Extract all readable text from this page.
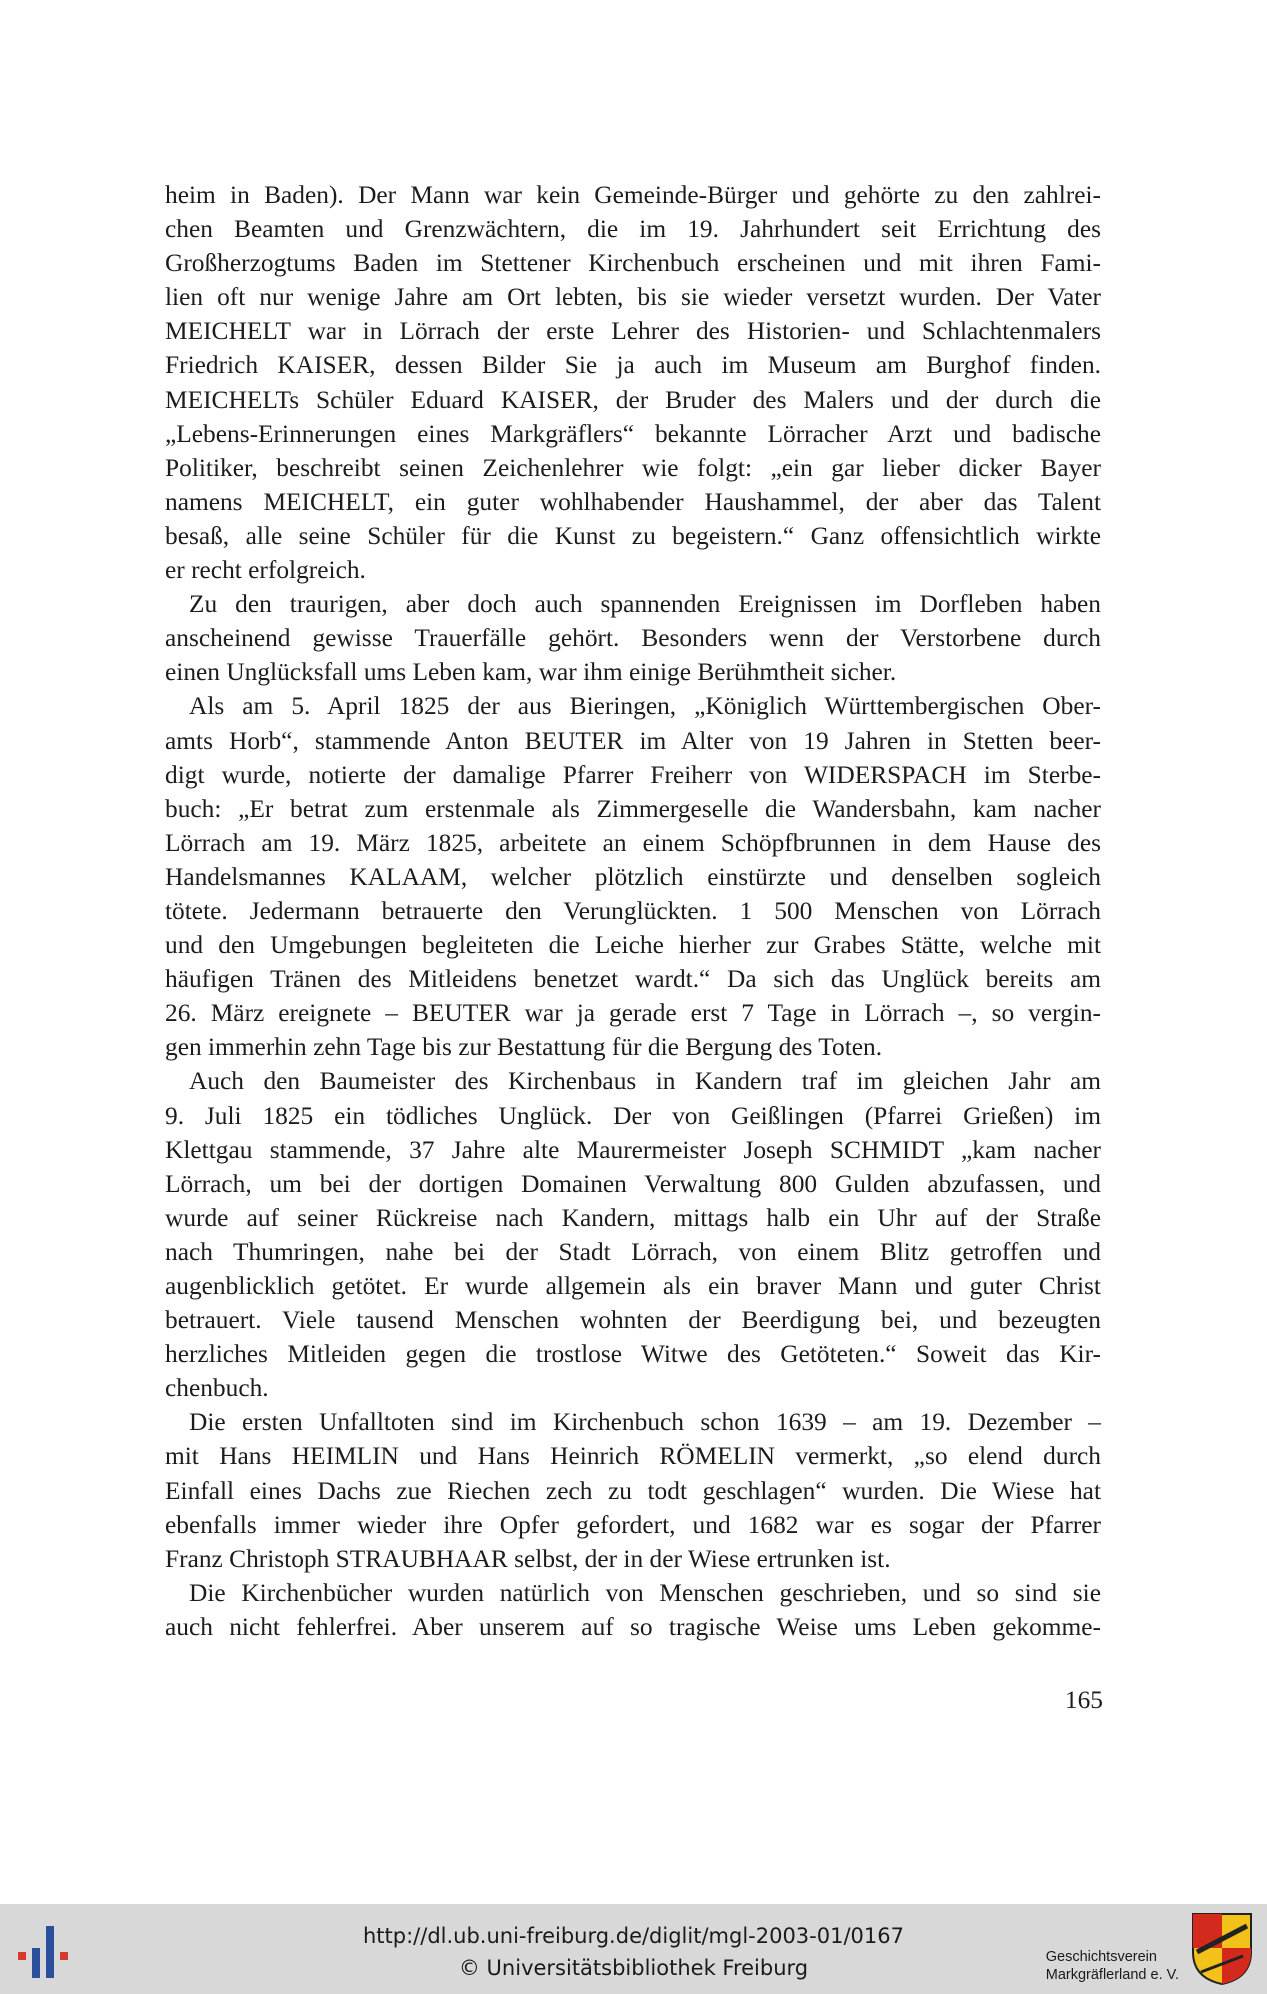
heim in Baden). Der Mann war kein Gemeinde-Bürger und gehörte zu den zahlrei-

chen Beamten und Grenzwächtern, die im 19. Jahrhundert seit Errichtung des

Großherzogtums Baden im Stettener Kirchenbuch erscheinen und mit ihren Fami-

lien oft nur wenige Jahre am Ort lebten, bis sie wieder versetzt wurden. Der Vater

MEICHELT war in Lörrach der erste Lehrer des Historien- und Schlachtenmalers

Friedrich KAISER, dessen Bilder Sie ja auch im Museum am Burghof finden.

MEICHELTs Schüler Eduard KAISER, der Bruder des Malers und der durch die

„Lebens-Erinnerungen eines Markgräflers“ bekannte Lörracher Arzt und badische

Politiker, beschreibt seinen Zeichenlehrer wie folgt: „ein gar lieber dicker Bayer

namens MEICHELT, ein guter wohlhabender Haushammel, der aber das Talent

besaß, alle seine Schüler für die Kunst zu begeistern.“ Ganz offensichtlich wirkte

er recht erfolgreich.

Zu den traurigen, aber doch auch spannenden Ereignissen im Dorfleben haben

anscheinend gewisse Trauerfälle gehört. Besonders wenn der Verstorbene durch

einen Unglücksfall ums Leben kam, war ihm einige Berühmtheit sicher.

Als am 5. April 1825 der aus Bieringen, „Königlich Württembergischen Ober-

amts Horb“, stammende Anton BEUTER im Alter von 19 Jahren in Stetten beer-

digt wurde, notierte der damalige Pfarrer Freiherr von WIDERSPACH im Sterbe-

buch: „Er betrat zum erstenmale als Zimmergeselle die Wandersbahn, kam nacher

Lörrach am 19. März 1825, arbeitete an einem Schöpfbrunnen in dem Hause des

Handelsmannes KALAAM, welcher plötzlich einstürzte und denselben sogleich

tötete. Jedermann betrauerte den Verunglückten. 1 500 Menschen von Lörrach

und den Umgebungen begleiteten die Leiche hierher zur Grabes Stätte, welche mit

häufigen Tränen des Mitleidens benetzet wardt.“ Da sich das Unglück bereits am

26. März ereignete – BEUTER war ja gerade erst 7 Tage in Lörrach –, so vergin-

gen immerhin zehn Tage bis zur Bestattung für die Bergung des Toten.

Auch den Baumeister des Kirchenbaus in Kandern traf im gleichen Jahr am

9. Juli 1825 ein tödliches Unglück. Der von Geißlingen (Pfarrei Grießen) im

Klettgau stammende, 37 Jahre alte Maurermeister Joseph SCHMIDT „kam nacher

Lörrach, um bei der dortigen Domainen Verwaltung 800 Gulden abzufassen, und

wurde auf seiner Rückreise nach Kandern, mittags halb ein Uhr auf der Straße

nach Thumringen, nahe bei der Stadt Lörrach, von einem Blitz getroffen und

augenblicklich getötet. Er wurde allgemein als ein braver Mann und guter Christ

betrauert. Viele tausend Menschen wohnten der Beerdigung bei, und bezeugten

herzliches Mitleiden gegen die trostlose Witwe des Getöteten.“ Soweit das Kir-

chenbuch.

Die ersten Unfalltoten sind im Kirchenbuch schon 1639 – am 19. Dezember –

mit Hans HEIMLIN und Hans Heinrich RÖMELIN vermerkt, „so elend durch

Einfall eines Dachs zue Riechen zech zu todt geschlagen“ wurden. Die Wiese hat

ebenfalls immer wieder ihre Opfer gefordert, und 1682 war es sogar der Pfarrer

Franz Christoph STRAUBHAAR selbst, der in der Wiese ertrunken ist.

Die Kirchenbücher wurden natürlich von Menschen geschrieben, und so sind sie

auch nicht fehlerfrei. Aber unserem auf so tragische Weise ums Leben gekomme-

165
http://dl.ub.uni-freiburg.de/diglit/mgl-2003-01/0167
© Universitätsbibliothek Freiburg	Geschichtsverein
Markgräflerland e. V.
